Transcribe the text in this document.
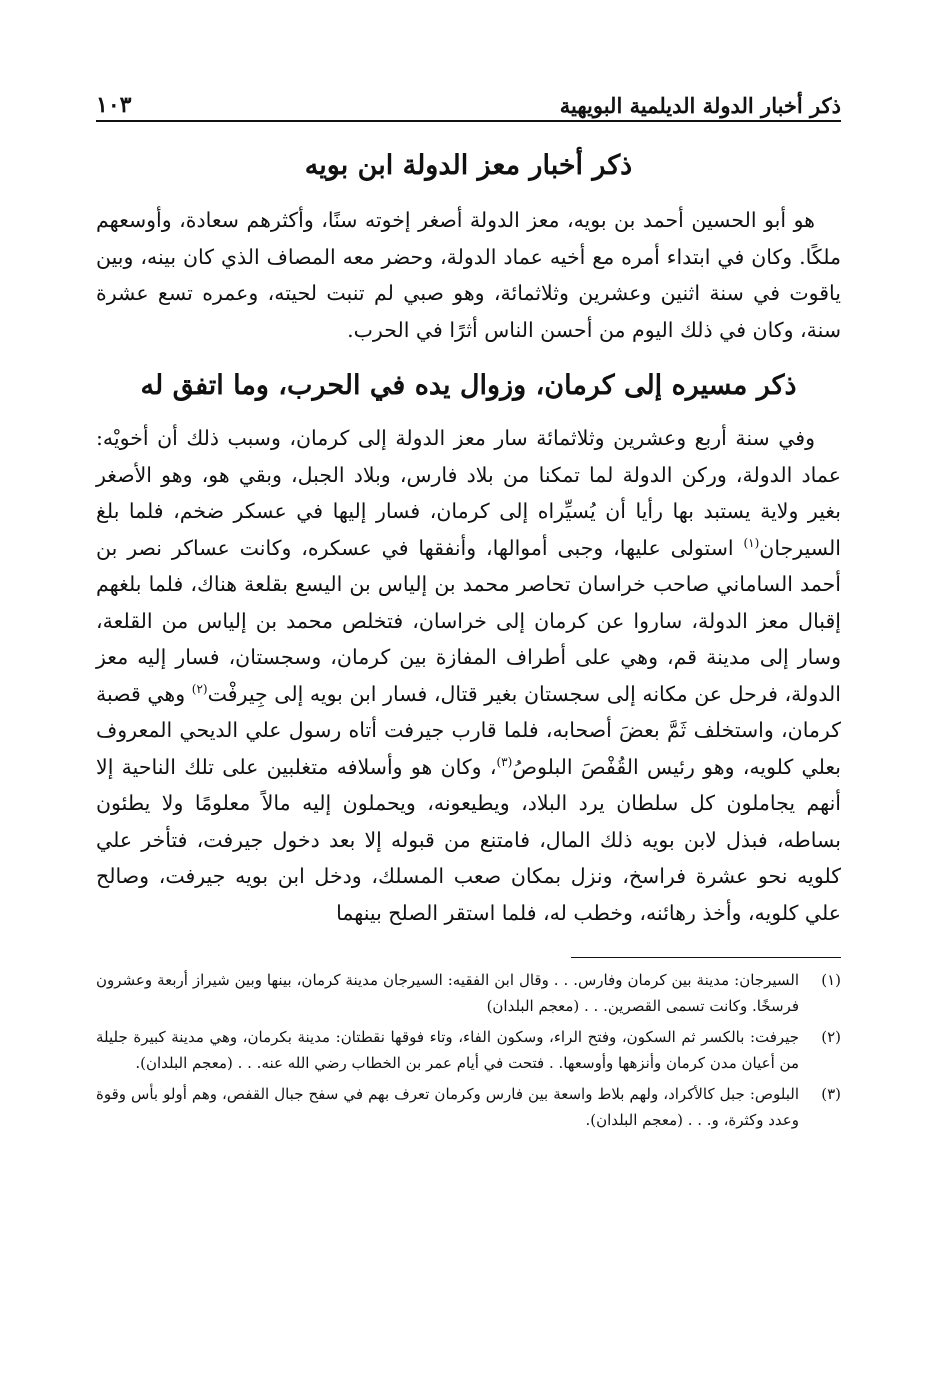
ذكر أخبار الدولة الديلمية البويهية
١٠٣
ذكر أخبار معز الدولة ابن بويه

هو أبو الحسين أحمد بن بويه، معز الدولة أصغر إخوته سنًا، وأكثرهم سعادة، وأوسعهم ملكًا. وكان في ابتداء أمره مع أخيه عماد الدولة، وحضر معه المصاف الذي كان بينه، وبين ياقوت في سنة اثنين وعشرين وثلاثمائة، وهو صبي لم تنبت لحيته، وعمره تسع عشرة سنة، وكان في ذلك اليوم من أحسن الناس أثرًا في الحرب.

ذكر مسيره إلى كرمان، وزوال يده في الحرب، وما اتفق له

وفي سنة أربع وعشرين وثلاثمائة سار معز الدولة إلى كرمان، وسبب ذلك أن أخويْه: عماد الدولة، وركن الدولة لما تمكنا من بلاد فارس، وبلاد الجبل، وبقي هو، وهو الأصغر بغير ولاية يستبد بها رأيا أن يُسيِّراه إلى كرمان، فسار إليها في عسكر ضخم، فلما بلغ السيرجان$^{(١)}$ استولى عليها، وجبى أموالها، وأنفقها في عسكره، وكانت عساكر نصر بن أحمد الساماني صاحب خراسان تحاصر محمد بن إلياس بن اليسع بقلعة هناك، فلما بلغهم إقبال معز الدولة، ساروا عن كرمان إلى خراسان، فتخلص محمد بن إلياس من القلعة، وسار إلى مدينة قم، وهي على أطراف المفازة بين كرمان، وسجستان، فسار إليه معز الدولة، فرحل عن مكانه إلى سجستان بغير قتال، فسار ابن بويه إلى جِيرفْت$^{(٢)}$ وهي قصبة كرمان، واستخلف ثَمَّ بعضَ أصحابه، فلما قارب جيرفت أتاه رسول علي الديحي المعروف بعلي كلويه، وهو رئيس القُفْصَ البلوصُ$^{(٣)}$، وكان هو وأسلافه متغلبين على تلك الناحية إلا أنهم يجاملون كل سلطان يرد البلاد، ويطيعونه، ويحملون إليه مالاً معلومًا ولا يطئون بساطه، فبذل لابن بويه ذلك المال، فامتنع من قبوله إلا بعد دخول جيرفت، فتأخر علي كلويه نحو عشرة فراسخ، ونزل بمكان صعب المسلك، ودخل ابن بويه جيرفت، وصالح علي كلويه، وأخذ رهائنه، وخطب له، فلما استقر الصلح بينهما

(١)
السيرجان: مدينة بين كرمان وفارس. . . وقال ابن الفقيه: السيرجان مدينة كرمان، بينها وبين شيراز أربعة وعشرون فرسخًا. وكانت تسمى القصرين. . . (معجم البلدان)
(٢)
جيرفت: بالكسر ثم السكون، وفتح الراء، وسكون الفاء، وتاء فوقها نقطتان: مدينة بكرمان، وهي مدينة كبيرة جليلة من أعيان مدن كرمان وأنزهها وأوسعها. . فتحت في أيام عمر بن الخطاب رضي الله عنه. . . (معجم البلدان).
(٣)
البلوص: جبل كالأكراد، ولهم بلاط واسعة بين فارس وكرمان تعرف بهم في سفح جبال القفص، وهم أولو بأس وقوة وعدد وكثرة، و. . . (معجم البلدان).
